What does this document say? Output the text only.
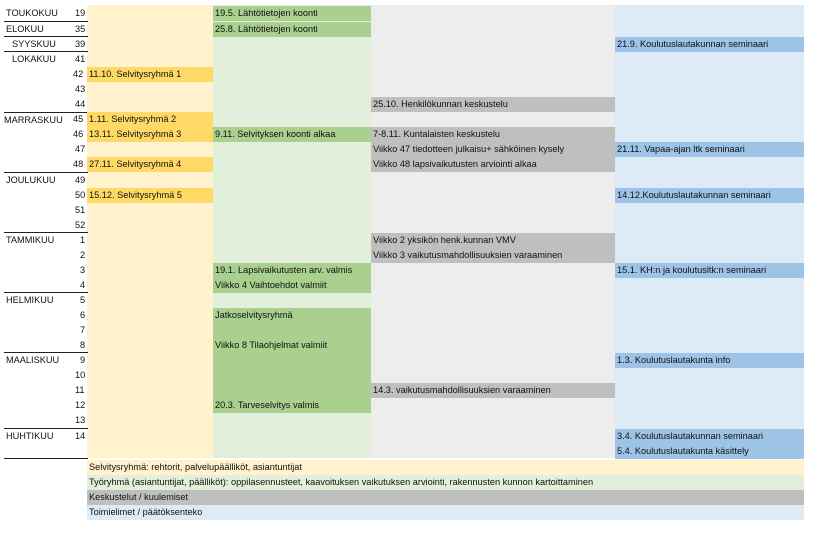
TOUKOKUU
ELOKUU
SYYSKUU
LOKAKUU
MARRASKUU
JOULUKUU
TAMMIKUU
HELMIKUU
MAALISKUU
HUHTIKUU
19
35
39
41
42
43
44
45
46
47
48
49
50
51
52
1
2
3
4
5
6
7
8
9
10
11
12
13
14
11.10. Selvitysryhmä 1
1.11. Selvitysryhmä 2
13.11. Selvitysryhmä 3
27.11. Selvitysryhmä 4
15.12. Selvitysryhmä 5
19.5. Lähtötietojen koonti
25.8. Lähtötietojen koonti
9.11. Selvityksen koonti alkaa
19.1. Lapsivaikutusten arv. valmis
Viikko 4 Vaihtoehdot valmiit
Jatkoselvitysryhmä
Viikko 8 Tilaohjelmat valmiit
20.3. Tarveselvitys valmis
25.10. Henkilökunnan keskustelu
7-8.11. Kuntalaisten keskustelu
Viikko 47 tiedotteen julkaisu+ sähköinen kysely
Viikko 48 lapsivaikutusten arviointi alkaa
Viikko 2 yksikön henk.kunnan VMV
Viikko 3 vaikutusmahdollisuuksien varaaminen
14.3. vaikutusmahdollisuuksien varaaminen
21.9. Koulutuslautakunnan seminaari
21.11. Vapaa-ajan ltk seminaari
14.12.Koulutuslautakunnan seminaari
15.1. KH:n ja koulutusltk:n seminaari
1.3. Koulutuslautakunta info
3.4. Koulutuslautakunnan seminaari
5.4. Koulutuslautakunta käsittely
Selvitysryhmä: rehtorit, palvelupäälliköt, asiantuntijat
Työryhmä (asiantuntijat, päälliköt): oppilasennusteet, kaavoituksen vaikutuksen arviointi, rakennusten kunnon kartoittaminen
Keskustelut / kuulemiset
Toimielimet / päätöksenteko
